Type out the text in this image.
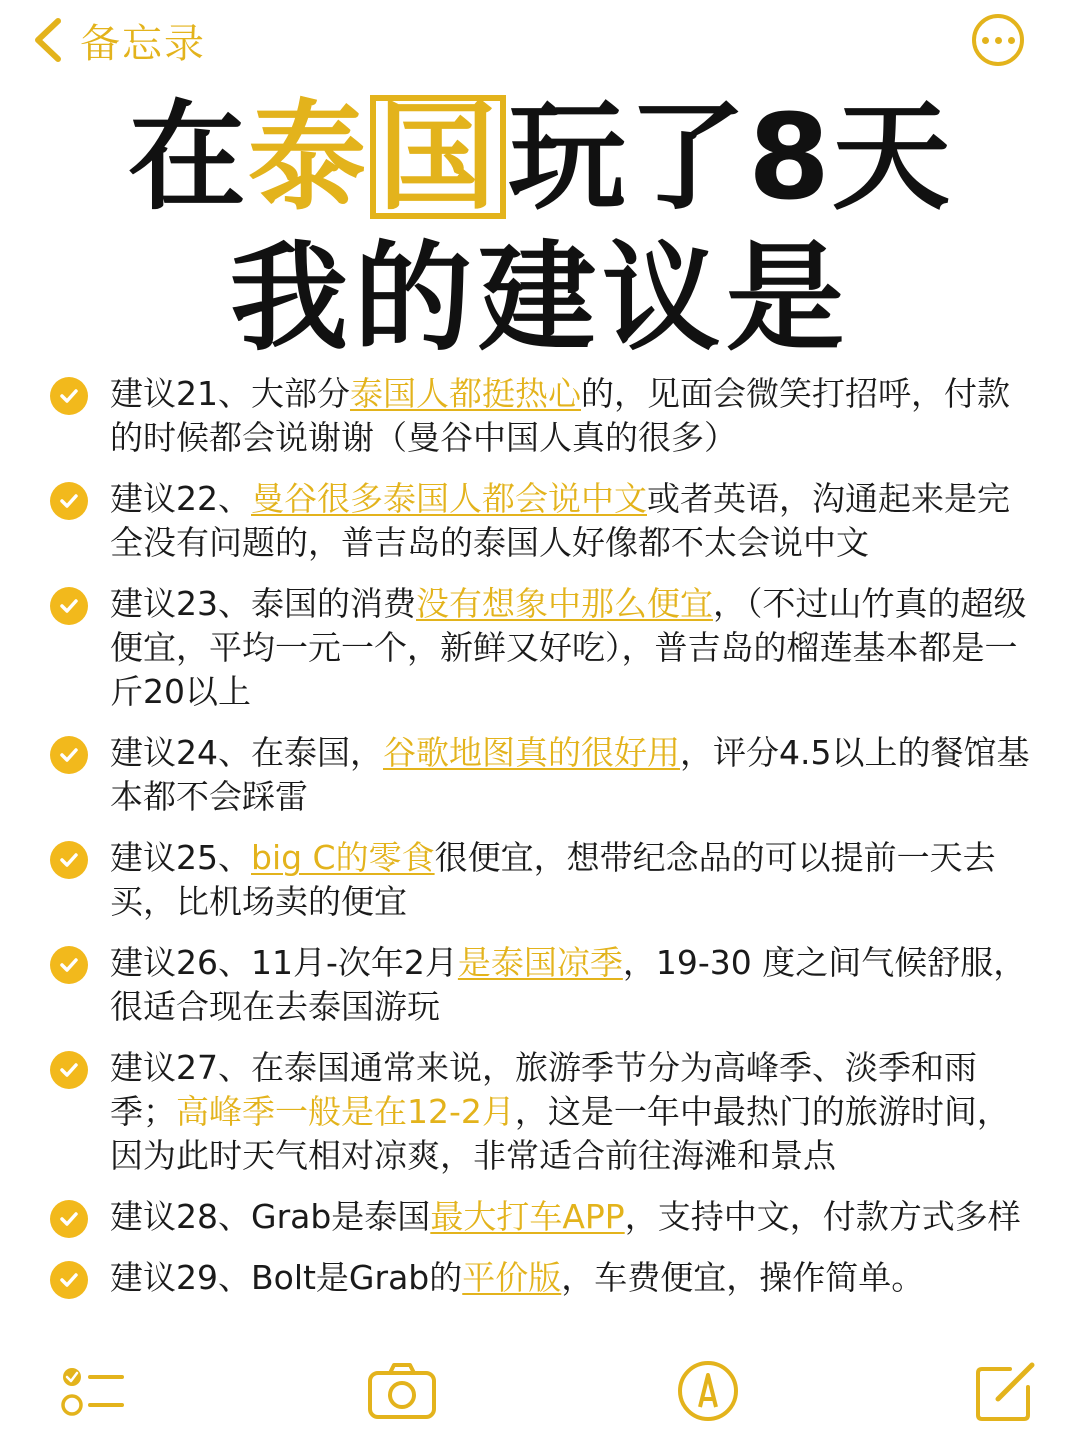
备忘录
在泰国玩了8天
我的建议是
建议21、大部分泰国人都挺热心的，见面会微笑打招呼，付款的时候都会说谢谢（曼谷中国人真的很多）
建议22、曼谷很多泰国人都会说中文或者英语，沟通起来是完全没有问题的，普吉岛的泰国人好像都不太会说中文
建议23、泰国的消费没有想象中那么便宜，（不过山竹真的超级便宜，平均一元一个，新鲜又好吃），普吉岛的榴莲基本都是一斤20以上
建议24、在泰国，谷歌地图真的很好用，评分4.5以上的餐馆基本都不会踩雷
建议25、big C的零食很便宜，想带纪念品的可以提前一天去买，比机场卖的便宜
建议26、11月-次年2月是泰国凉季，19-30 度之间气候舒服，很适合现在去泰国游玩
建议27、在泰国通常来说，旅游季节分为高峰季、淡季和雨季；高峰季一般是在12-2月，这是一年中最热门的旅游时间，因为此时天气相对凉爽，非常适合前往海滩和景点
建议28、Grab是泰国最大打车APP，支持中文，付款方式多样
建议29、Bolt是Grab的平价版，车费便宜，操作简单。
